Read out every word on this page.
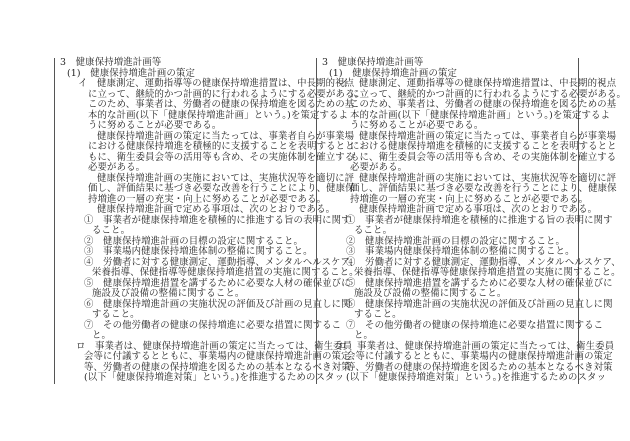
3　健康保持増進計画等
(1)　健康保持増進計画の策定
イ　健康測定、運動指導等の健康保持増進措置は、中長期的視点
に立って、継続的かつ計画的に行われるようにする必要がある。
このため、事業者は、労働者の健康の保持増進を図るための基
本的な計画(以下「健康保持増進計画」という。)を策定するよ
うに努めることが必要である。
健康保持増進計画の策定に当たっては、事業者自らが事業場
における健康保持増進を積極的に支援することを表明するとと
もに、衛生委員会等の活用等も含め、その実施体制を確立する
必要がある。
健康保持増進計画の実施においては、実施状況等を適切に評
価し、評価結果に基づき必要な改善を行うことにより、健康保
持増進の一層の充実・向上に努めることが必要である。
健康保持増進計画で定める事項は、次のとおりである。
①　事業者が健康保持増進を積極的に推進する旨の表明に関す
ること。
②　健康保持増進計画の目標の設定に関すること。
③　事業場内健康保持増進体制の整備に関すること。
④　労働者に対する健康測定、運動指導、メンタルヘルスケア、
栄養指導、保健指導等健康保持増進措置の実施に関すること。
⑤　健康保持増進措置を講ずるために必要な人材の確保並びに
施設及び設備の整備に関すること。
⑥　健康保持増進計画の実施状況の評価及び計画の見直しに関
すること。
⑦　その他労働者の健康の保持増進に必要な措置に関するこ
と。
ロ　事業者は、健康保持増進計画の策定に当たっては、衛生委員
会等に付議するとともに、事業場内の健康保持増進計画の策定
等、労働者の健康の保持増進を図るための基本となるべき対策
(以下「健康保持増進対策」という。)を推進するためのスタッ
3　健康保持増進計画等
(1)　健康保持増進計画の策定
イ　健康測定、運動指導等の健康保持増進措置は、中長期的視点
に立って、継続的かつ計画的に行われるようにする必要がある。
このため、事業者は、労働者の健康の保持増進を図るための基
本的な計画(以下「健康保持増進計画」という。)を策定するよ
うに努めることが必要である。
健康保持増進計画の策定に当たっては、事業者自らが事業場
における健康保持増進を積極的に支援することを表明するとと
もに、衛生委員会等の活用等も含め、その実施体制を確立する
必要がある。
健康保持増進計画の実施においては、実施状況等を適切に評
価し、評価結果に基づき必要な改善を行うことにより、健康保
持増進の一層の充実・向上に努めることが必要である。
健康保持増進計画で定める事項は、次のとおりである。
①　事業者が健康保持増進を積極的に推進する旨の表明に関す
ること。
②　健康保持増進計画の目標の設定に関すること。
③　事業場内健康保持増進体制の整備に関すること。
④　労働者に対する健康測定、運動指導、メンタルヘルスケア、
栄養指導、保健指導等健康保持増進措置の実施に関すること。
⑤　健康保持増進措置を講ずるために必要な人材の確保並びに
施設及び設備の整備に関すること。
⑥　健康保持増進計画の実施状況の評価及び計画の見直しに関
すること。
⑦　その他労働者の健康の保持増進に必要な措置に関するこ
と。
ロ　事業者は、健康保持増進計画の策定に当たっては、衛生委員
会等に付議するとともに、事業場内の健康保持増進計画の策定
等、労働者の健康の保持増進を図るための基本となるべき対策
(以下「健康保持増進対策」という。)を推進するためのスタッ
